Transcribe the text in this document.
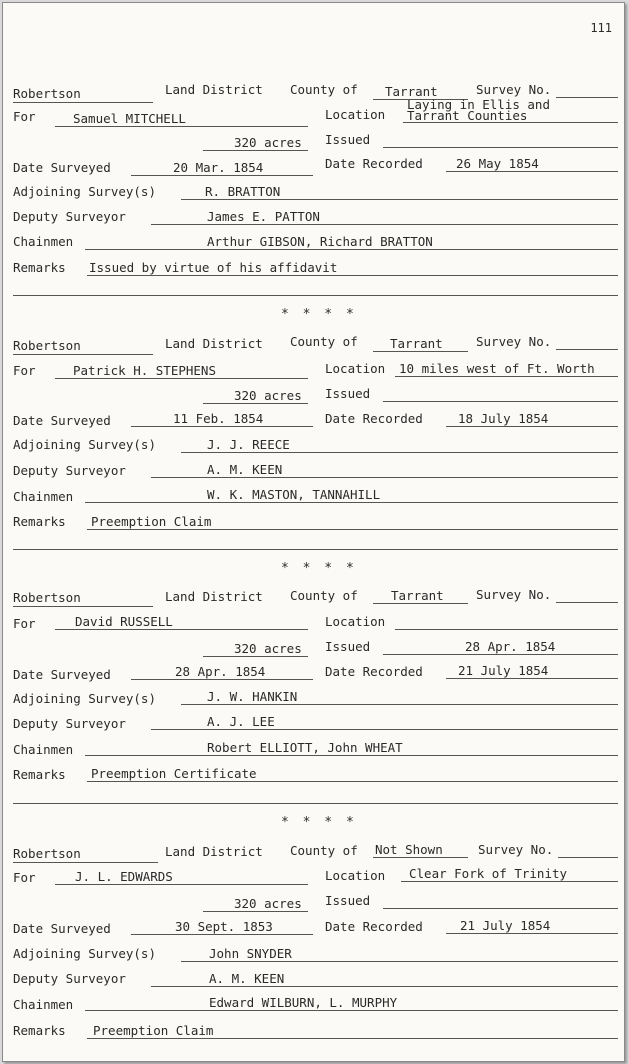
111
Robertson	Land District County of Tarrant	Survey No.
For	Samuel MITCHELL	Location
Laying in Ellis and
Tarrant Counties
320 acres Issued
Date Surveyed	20 Mar. 1854	Date Recorded	26 May 1854
Adjoining Survey(s)	R. BRATTON
Deputy Surveyor	James E. PATTON
Chainmen	Arthur GIBSON, Richard BRATTON
Remarks Issued by virtue of his affidavit
* * * *
Robertson	Land District County of	Tarrant	Survey No.
For	Patrick H. STEPHENS	Location 10 miles west of Ft. Worth
320 acres Issued
Date Surveyed	11 Feb. 1854	Date Recorded	18 July 1854
Adjoining Survey(s)	J. J. REECE
Deputy Surveyor	A. M. KEEN
Chainmen	W. K. MASTON, TANNAHILL
Remarks Preemption Claim
* * * *
Robertson	Land District County of	Tarrant	Survey No.
For	David RUSSELL	Location
320 acres Issued	28 Apr. 1854
Date Surveyed	28 Apr. 1854	Date Recorded	21 July 1854
Adjoining Survey(s)	J. W. HANKIN
Deputy Surveyor	A. J. LEE
Chainmen	Robert ELLIOTT, John WHEAT
Remarks Preemption Certificate
* * * *
Robertson	Land District County of Not Shown	Survey No.
For	J. L. EDWARDS	Location Clear Fork of Trinity
320 acres Issued
Date Surveyed	30 Sept. 1853	Date Recorded	21 July 1854
Adjoining Survey(s)	John SNYDER
Deputy Surveyor	A. M. KEEN
Chainmen	Edward WILBURN, L. MURPHY
Remarks Preemption Claim
